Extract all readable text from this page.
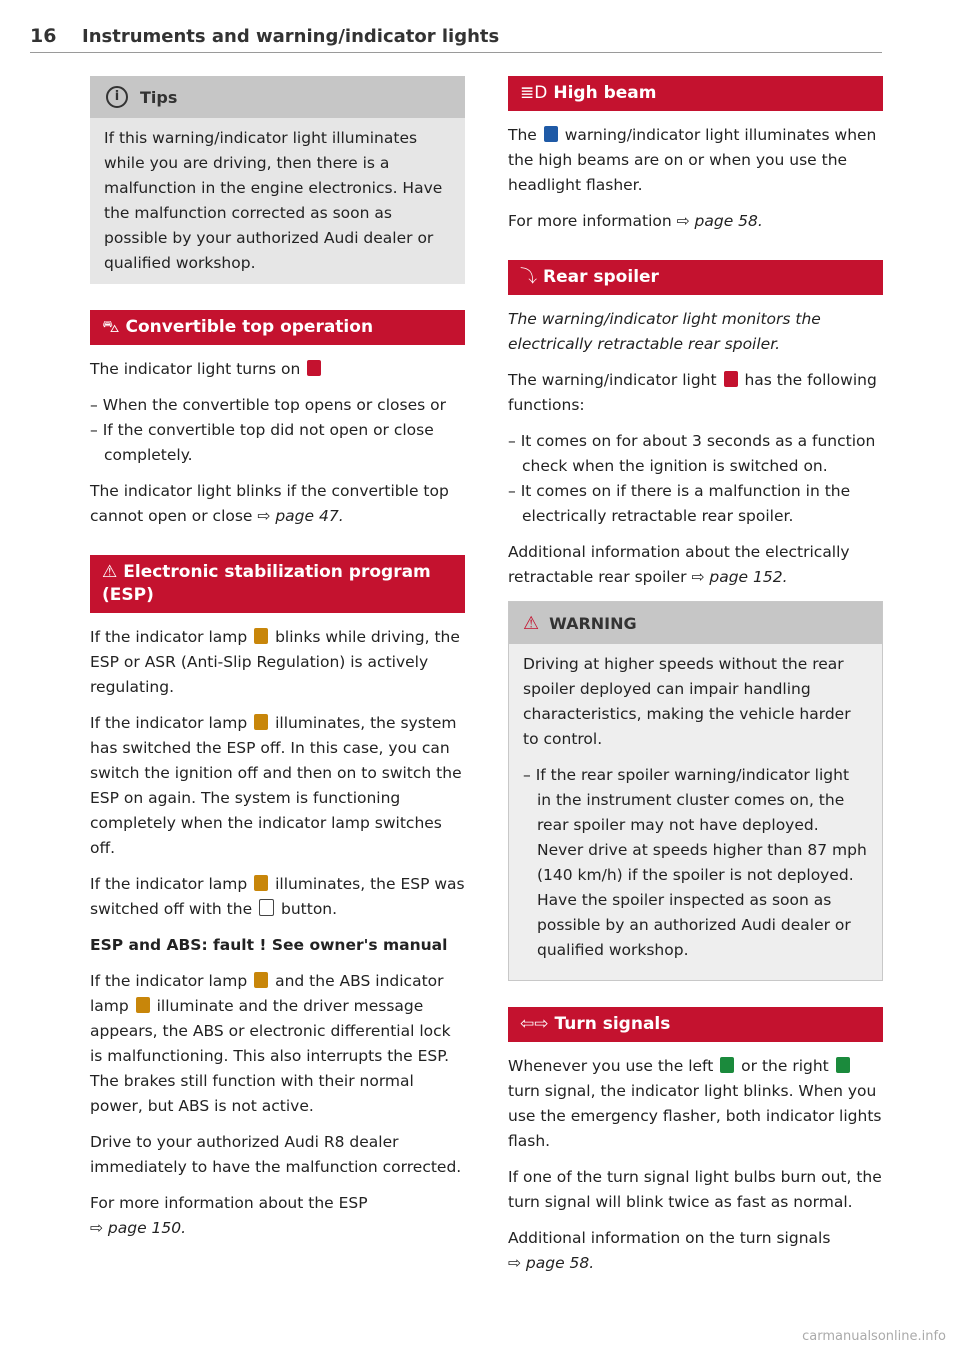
16 Instruments and warning/indicator lights
i	Tips
If this warning/indicator light illuminates while you are driving, then there is a malfunction in the engine electronics. Have the malfunction corrected as soon as possible by your authorized Audi dealer or qualified workshop.
⛍ Convertible top operation

The indicator light turns on

– When the convertible top opens or closes or
– If the convertible top did not open or close completely.

The indicator light blinks if the convertible top cannot open or close ⇨ page 47.

⚠ Electronic stabilization program (ESP)

If the indicator lamp blinks while driving, the ESP or ASR (Anti-Slip Regulation) is actively regulating.

If the indicator lamp illuminates, the system has switched the ESP off. In this case, you can switch the ignition off and then on to switch the ESP on again. The system is functioning completely when the indicator lamp switches off.

If the indicator lamp illuminates, the ESP was switched off with the button.

ESP and ABS: fault ! See owner's manual

If the indicator lamp and the ABS indicator lamp illuminate and the driver message appears, the ABS or electronic differential lock is malfunctioning. This also interrupts the ESP. The brakes still function with their normal power, but ABS is not active.

Drive to your authorized Audi R8 dealer immediately to have the malfunction corrected.

For more information about the ESP
⇨ page 150.

≣D High beam

The warning/indicator light illuminates when the high beams are on or when you use the headlight flasher.

For more information ⇨ page 58.

⤵ Rear spoiler

The warning/indicator light monitors the electrically retractable rear spoiler.

The warning/indicator light has the following functions:

– It comes on for about 3 seconds as a function check when the ignition is switched on.
– It comes on if there is a malfunction in the electrically retractable rear spoiler.

Additional information about the electrically retractable rear spoiler ⇨ page 152.

⚠ WARNING

Driving at higher speeds without the rear spoiler deployed can impair handling characteristics, making the vehicle harder to control.

– If the rear spoiler warning/indicator light in the instrument cluster comes on, the rear spoiler may not have deployed. Never drive at speeds higher than 87 mph (140 km/h) if the spoiler is not deployed. Have the spoiler inspected as soon as possible by an authorized Audi dealer or qualified workshop.
⇦⇨ Turn signals

Whenever you use the left or the right  turn signal, the indicator light blinks. When you use the emergency flasher, both indicator lights flash.

If one of the turn signal light bulbs burn out, the turn signal will blink twice as fast as normal.

Additional information on the turn signals
⇨ page 58.

carmanualsonline.info
